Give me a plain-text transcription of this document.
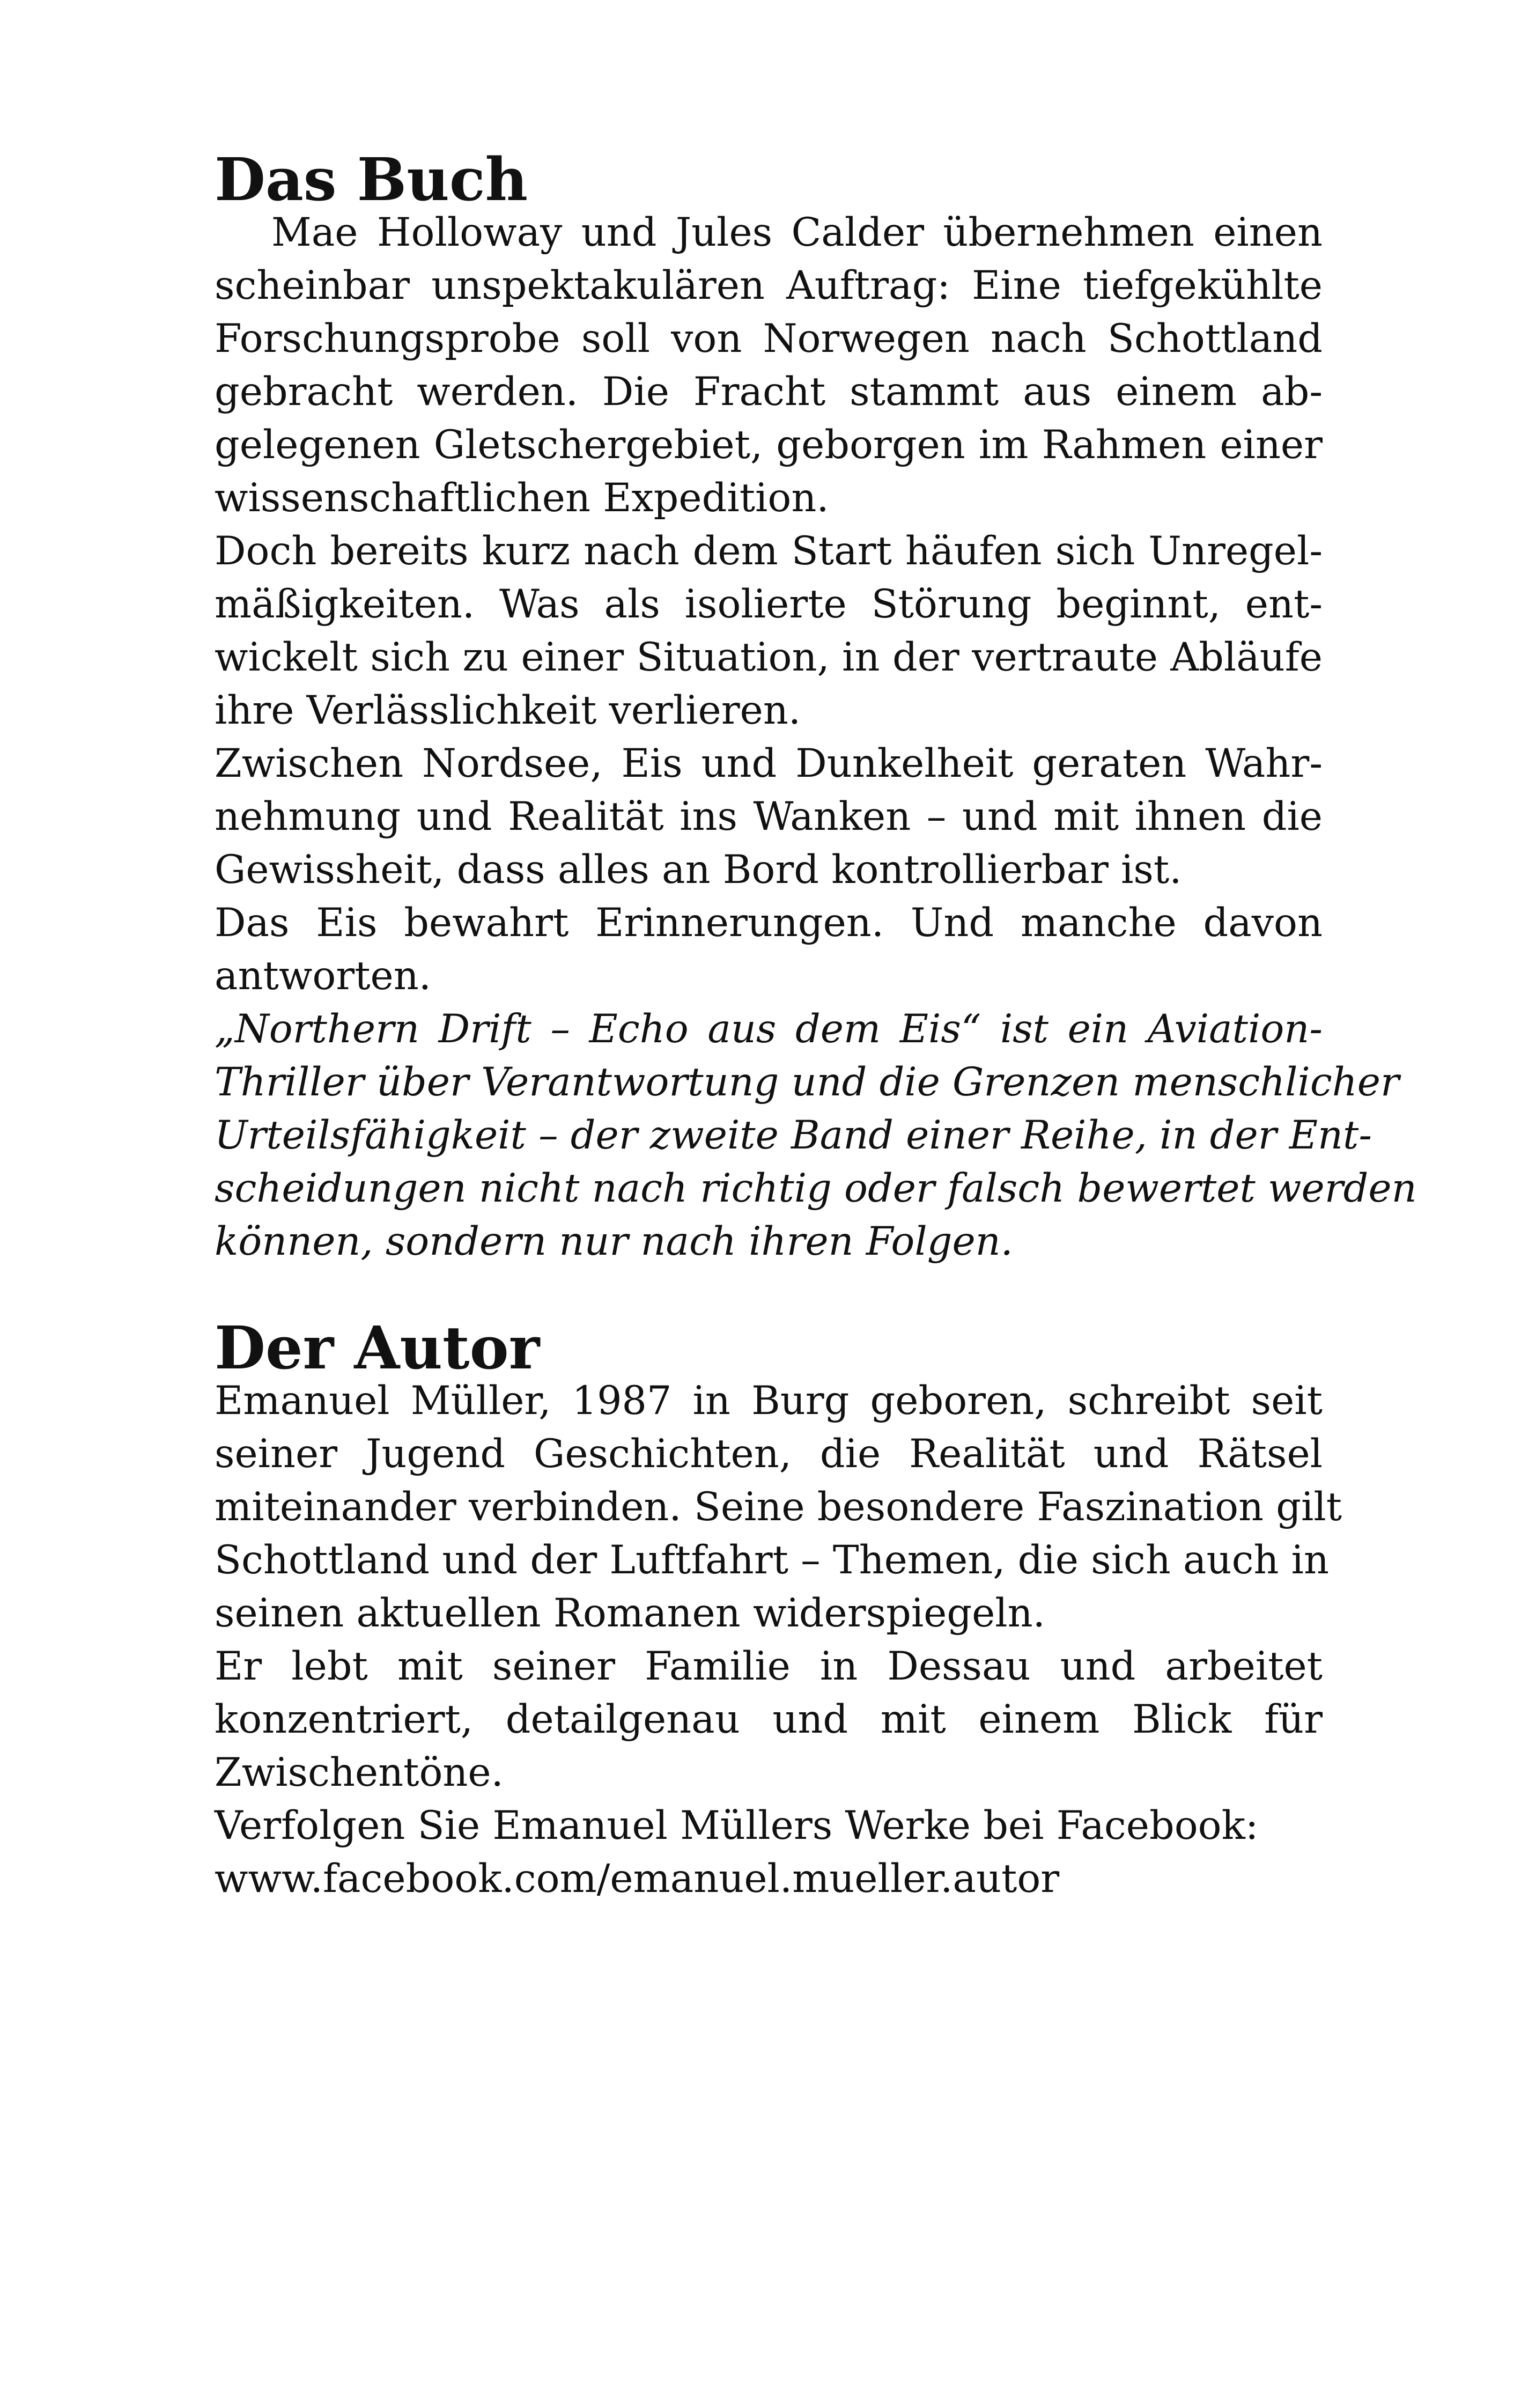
Das Buch

Mae Holloway und Jules Calder übernehmen einen
scheinbar unspektakulären Auftrag: Eine tiefgekühlte
Forschungsprobe soll von Norwegen nach Schottland
gebracht werden. Die Fracht stammt aus einem ab-
gelegenen Gletschergebiet, geborgen im Rahmen einer
wissenschaftlichen Expedition.

Doch bereits kurz nach dem Start häufen sich Unregel-
mäßigkeiten. Was als isolierte Störung beginnt, ent-
wickelt sich zu einer Situation, in der vertraute Abläufe
ihre Verlässlichkeit verlieren.

Zwischen Nordsee, Eis und Dunkelheit geraten Wahr-
nehmung und Realität ins Wanken – und mit ihnen die
Gewissheit, dass alles an Bord kontrollierbar ist.

Das Eis bewahrt Erinnerungen. Und manche davon
antworten.

„Northern Drift – Echo aus dem Eis“ ist ein Aviation-
Thriller über Verantwortung und die Grenzen menschlicher
Urteilsfähigkeit – der zweite Band einer Reihe, in der Ent-
scheidungen nicht nach richtig oder falsch bewertet werden
können, sondern nur nach ihren Folgen.

Der Autor

Emanuel Müller, 1987 in Burg geboren, schreibt seit
seiner Jugend Geschichten, die Realität und Rätsel
miteinander verbinden. Seine besondere Faszination gilt
Schottland und der Luftfahrt – Themen, die sich auch in
seinen aktuellen Romanen widerspiegeln.

Er lebt mit seiner Familie in Dessau und arbeitet
konzentriert, detailgenau und mit einem Blick für
Zwischentöne.

Verfolgen Sie Emanuel Müllers Werke bei Facebook:
www.facebook.com/emanuel.mueller.autor
